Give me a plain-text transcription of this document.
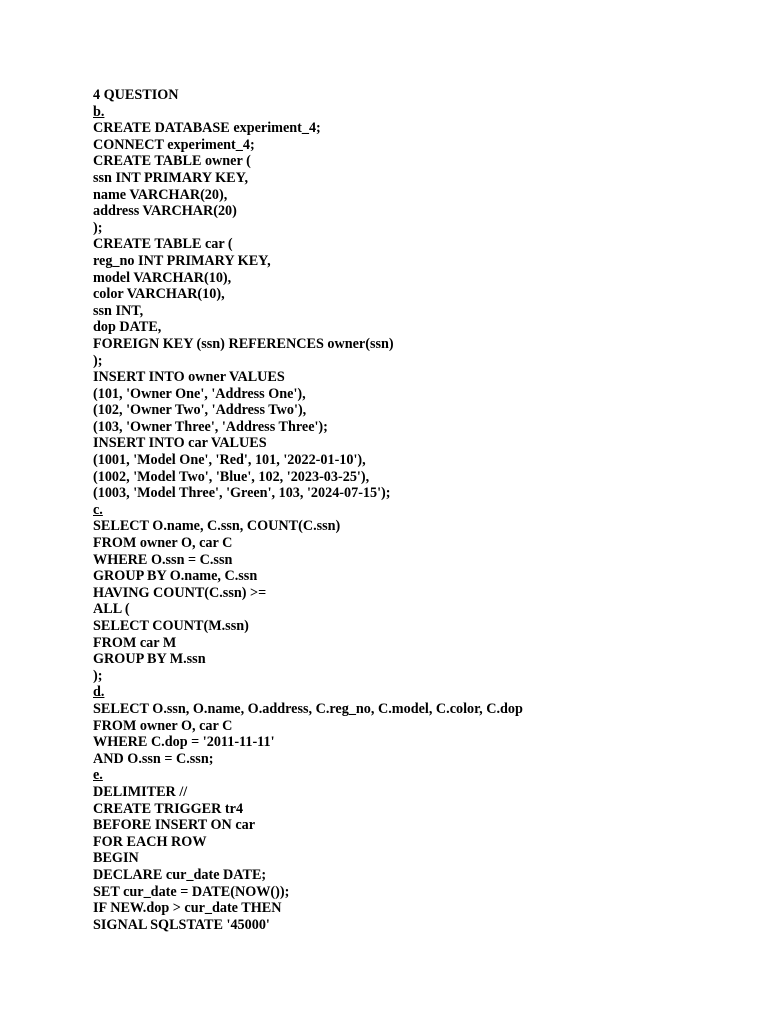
4 QUESTION
b.
CREATE DATABASE experiment_4;
CONNECT experiment_4;
CREATE TABLE owner (
ssn INT PRIMARY KEY,
name VARCHAR(20),
address VARCHAR(20)
);
CREATE TABLE car (
reg_no INT PRIMARY KEY,
model VARCHAR(10),
color VARCHAR(10),
ssn INT,
dop DATE,
FOREIGN KEY (ssn) REFERENCES owner(ssn)
);
INSERT INTO owner VALUES
(101, 'Owner One', 'Address One'),
(102, 'Owner Two', 'Address Two'),
(103, 'Owner Three', 'Address Three');
INSERT INTO car VALUES
(1001, 'Model One', 'Red', 101, '2022-01-10'),
(1002, 'Model Two', 'Blue', 102, '2023-03-25'),
(1003, 'Model Three', 'Green', 103, '2024-07-15');
c.
SELECT O.name, C.ssn, COUNT(C.ssn)
FROM owner O, car C
WHERE O.ssn = C.ssn
GROUP BY O.name, C.ssn
HAVING COUNT(C.ssn) >=
ALL (
SELECT COUNT(M.ssn)
FROM car M
GROUP BY M.ssn
);
d.
SELECT O.ssn, O.name, O.address, C.reg_no, C.model, C.color, C.dop
FROM owner O, car C
WHERE C.dop = '2011-11-11'
AND O.ssn = C.ssn;
e.
DELIMITER //
CREATE TRIGGER tr4
BEFORE INSERT ON car
FOR EACH ROW
BEGIN
DECLARE cur_date DATE;
SET cur_date = DATE(NOW());
IF NEW.dop > cur_date THEN
SIGNAL SQLSTATE '45000'
